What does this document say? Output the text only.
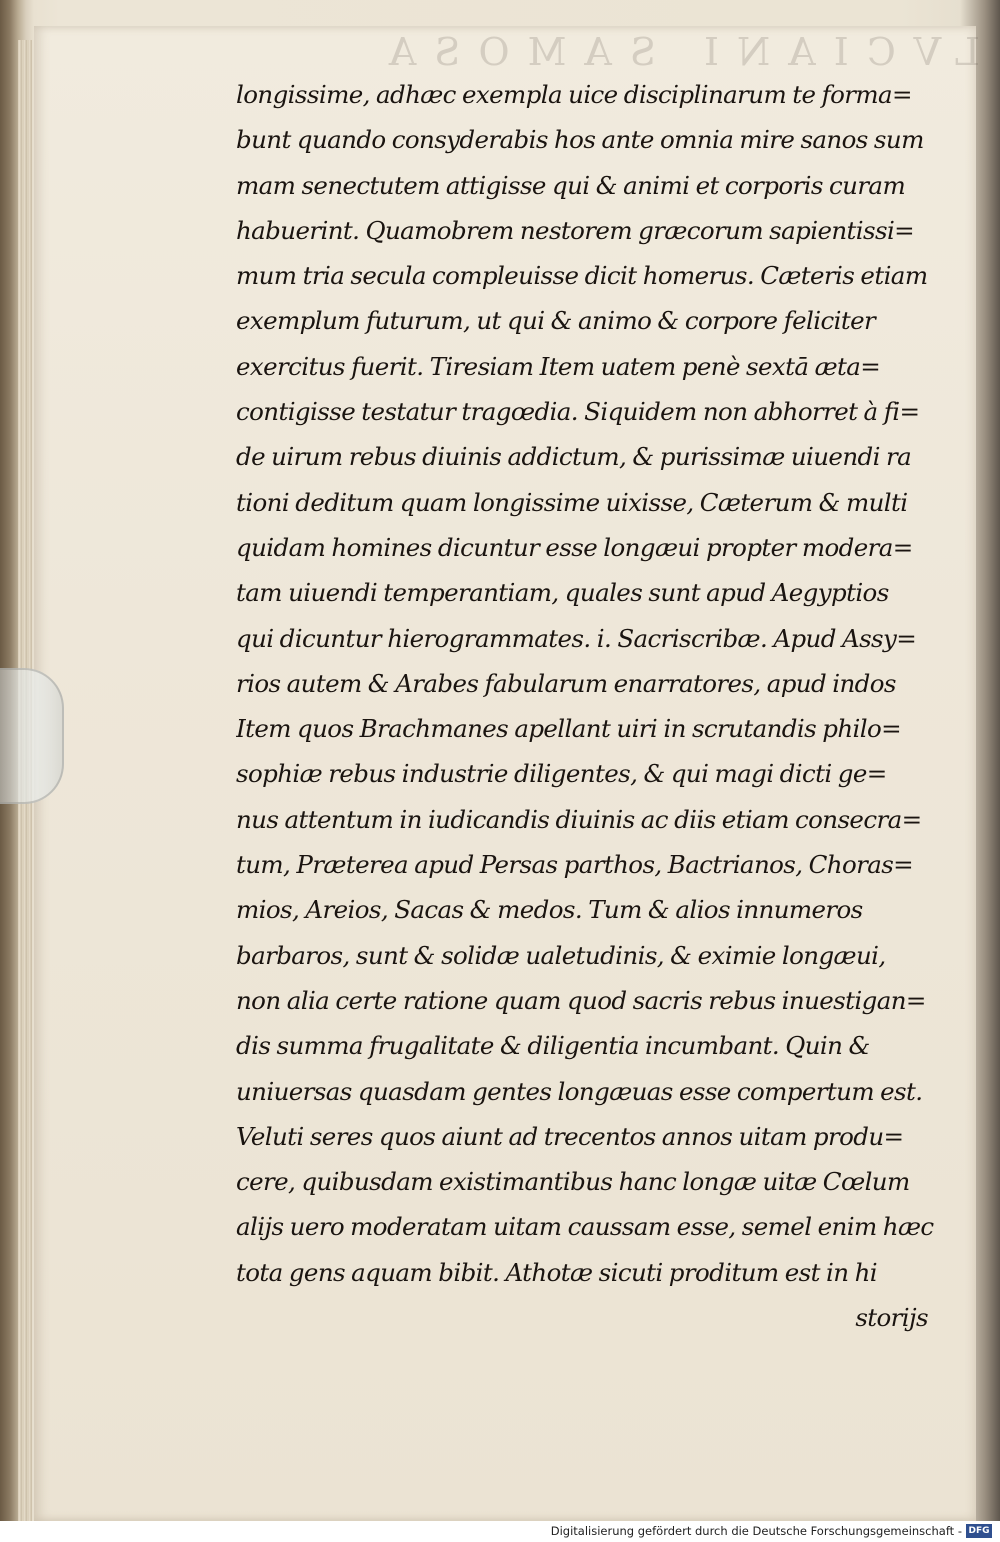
LVCIANI SAMOSA
longissime, adhæc exempla uice disciplinarum te forma=
bunt quando consyderabis hos ante omnia mire sanos sum
mam senectutem attigisse qui & animi et corporis curam
habuerint. Quamobrem nestorem græcorum sapientissi=
mum tria secula compleuisse dicit homerus. Cæteris etiam
exemplum futurum, ut qui & animo & corpore feliciter
exercitus fuerit. Tiresiam Item uatem penè sextā æta=
contigisse testatur tragœdia. Siquidem non abhorret à fi=
de uirum rebus diuinis addictum, & purissimæ uiuendi ra
tioni deditum quam longissime uixisse, Cæterum & multi
quidam homines dicuntur esse longæui propter modera=
tam uiuendi temperantiam, quales sunt apud Aegyptios
qui dicuntur hierogrammates. i. Sacriscribæ. Apud Assy=
rios autem & Arabes fabularum enarratores, apud indos
Item quos Brachmanes apellant uiri in scrutandis philo=
sophiæ rebus industrie diligentes, & qui magi dicti ge=
nus attentum in iudicandis diuinis ac diis etiam consecra=
tum, Præterea apud Persas parthos, Bactrianos, Choras=
mios, Areios, Sacas & medos. Tum & alios innumeros
barbaros, sunt & solidæ ualetudinis, & eximie longæui,
non alia certe ratione quam quod sacris rebus inuestigan=
dis summa frugalitate & diligentia incumbant. Quin &
uniuersas quasdam gentes longæuas esse compertum est.
Veluti seres quos aiunt ad trecentos annos uitam produ=
cere, quibusdam existimantibus hanc longæ uitæ Cœlum
alijs uero moderatam uitam caussam esse, semel enim hæc
tota gens aquam bibit. Athotæ sicuti proditum est in hi
storijs
Digitalisierung gefördert durch die Deutsche Forschungsgemeinschaft - DFG
